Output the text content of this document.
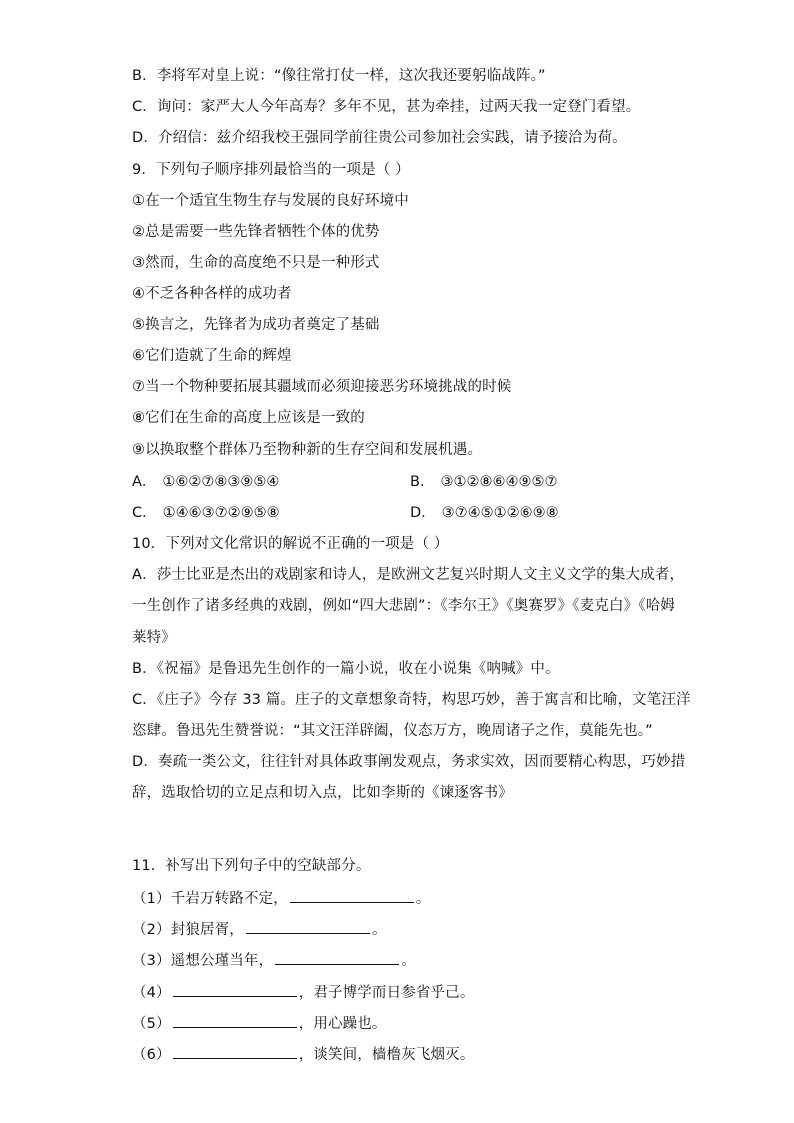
B．李将军对皇上说：“像往常打仗一样，这次我还要躬临战阵。”
C．询问：家严大人今年高寿？多年不见，甚为牵挂，过两天我一定登门看望。
D．介绍信：兹介绍我校王强同学前往贵公司参加社会实践，请予接洽为荷。
9．下列句子顺序排列最恰当的一项是（ ）
①在一个适宜生物生存与发展的良好环境中
②总是需要一些先锋者牺牲个体的优势
③然而，生命的高度绝不只是一种形式
④不乏各种各样的成功者
⑤换言之，先锋者为成功者奠定了基础
⑥它们造就了生命的辉煌
⑦当一个物种要拓展其疆域而必须迎接恶劣环境挑战的时候
⑧它们在生命的高度上应该是一致的
⑨以换取整个群体乃至物种新的生存空间和发展机遇。
A． ①⑥②⑦⑧③⑨⑤④	B． ③①②⑧⑥④⑨⑤⑦
C． ①④⑥③⑦②⑨⑤⑧	D． ③⑦④⑤①②⑥⑨⑧
10．下列对文化常识的解说不正确的一项是（ ）
A．莎士比亚是杰出的戏剧家和诗人，是欧洲文艺复兴时期人文主义文学的集大成者，
一生创作了诸多经典的戏剧，例如“四大悲剧”：《李尔王》《奥赛罗》《麦克白》《哈姆
莱特》
B．《祝福》是鲁迅先生创作的一篇小说，收在小说集《呐喊》中。
C．《庄子》今存 33 篇。庄子的文章想象奇特，构思巧妙，善于寓言和比喻，文笔汪洋
恣肆。鲁迅先生赞誉说：“其文汪洋辟阖，仪态万方，晚周诸子之作，莫能先也。”
D．奏疏一类公文，往往针对具体政事阐发观点，务求实效，因而要精心构思，巧妙措
辞，选取恰切的立足点和切入点，比如李斯的《谏逐客书》
11．补写出下列句子中的空缺部分。
（1）千岩万转路不定，	。
（2）封狼居胥，	。
（3）遥想公瑾当年，	。
（4）	，君子博学而日参省乎己。
（5）	，用心躁也。
（6）	，谈笑间，樯橹灰飞烟灭。
